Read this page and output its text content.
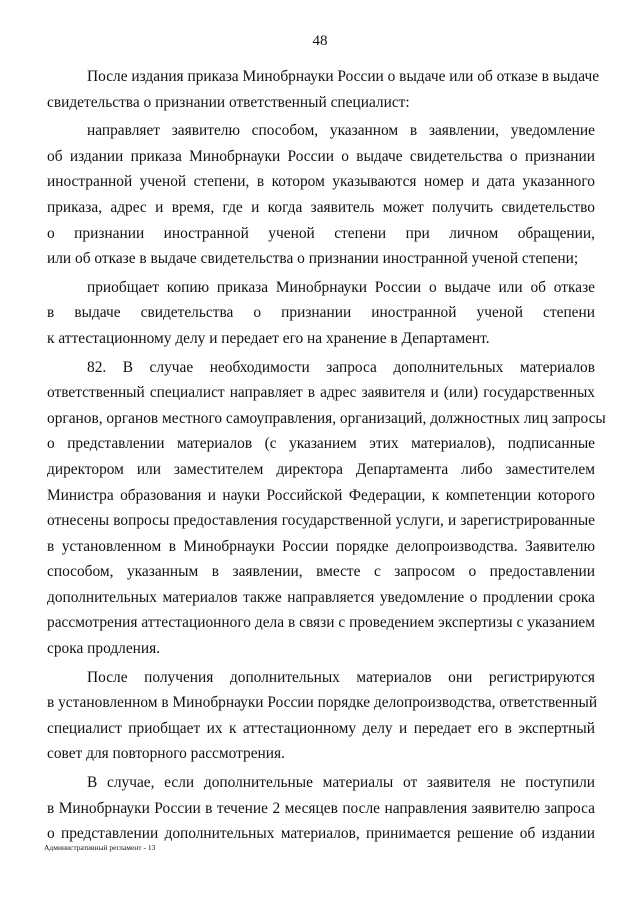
48
После издания приказа Минобрнауки России о выдаче или об отказе в выдаче
свидетельства о признании ответственный специалист:
направляет заявителю способом, указанном в заявлении, уведомление
об издании приказа Минобрнауки России о выдаче свидетельства о признании
иностранной ученой степени, в котором указываются номер и дата указанного
приказа, адрес и время, где и когда заявитель может получить свидетельство
о признании иностранной ученой степени при личном обращении,
или об отказе в выдаче свидетельства о признании иностранной ученой степени;
приобщает копию приказа Минобрнауки России о выдаче или об отказе
в выдаче свидетельства о признании иностранной ученой степени
к аттестационному делу и передает его на хранение в Департамент.
82. В случае необходимости запроса дополнительных материалов
ответственный специалист направляет в адрес заявителя и (или) государственных
органов, органов местного самоуправления, организаций, должностных лиц запросы
о представлении материалов (с указанием этих материалов), подписанные
директором или заместителем директора Департамента либо заместителем
Министра образования и науки Российской Федерации, к компетенции которого
отнесены вопросы предоставления государственной услуги, и зарегистрированные
в установленном в Минобрнауки России порядке делопроизводства. Заявителю
способом, указанным в заявлении, вместе с запросом о предоставлении
дополнительных материалов также направляется уведомление о продлении срока
рассмотрения аттестационного дела в связи с проведением экспертизы с указанием
срока продления.
После получения дополнительных материалов они регистрируются
в установленном в Минобрнауки России порядке делопроизводства, ответственный
специалист приобщает их к аттестационному делу и передает его в экспертный
совет для повторного рассмотрения.
В случае, если дополнительные материалы от заявителя не поступили
в Минобрнауки России в течение 2 месяцев после направления заявителю запроса
о представлении дополнительных материалов, принимается решение об издании
Административный регламент - 13
